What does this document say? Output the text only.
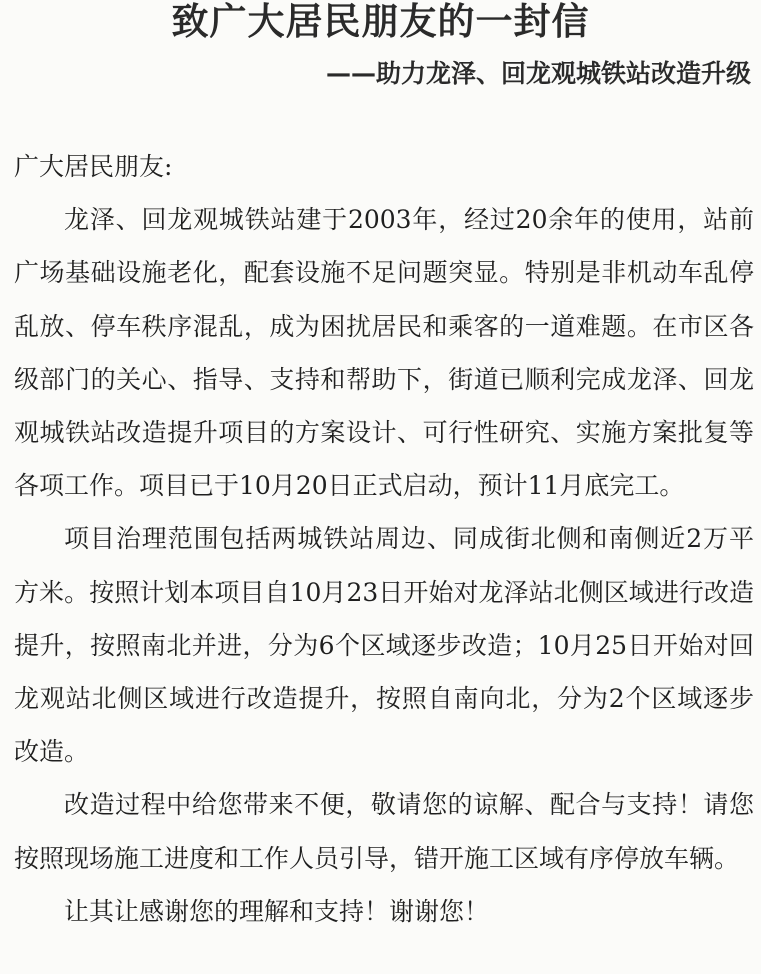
致广大居民朋友的一封信
——助力龙泽、回龙观城铁站改造升级

广大居民朋友:

龙泽、回龙观城铁站建于2003年，经过20余年的使用，站前广场基础设施老化，配套设施不足问题突显。特别是非机动车乱停乱放、停车秩序混乱，成为困扰居民和乘客的一道难题。在市区各级部门的关心、指导、支持和帮助下，街道已顺利完成龙泽、回龙观城铁站改造提升项目的方案设计、可行性研究、实施方案批复等各项工作。项目已于10月20日正式启动，预计11月底完工。

项目治理范围包括两城铁站周边、同成街北侧和南侧近2万平方米。按照计划本项目自10月23日开始对龙泽站北侧区域进行改造提升，按照南北并进，分为6个区域逐步改造；10月25日开始对回龙观站北侧区域进行改造提升，按照自南向北，分为2个区域逐步改造。

改造过程中给您带来不便，敬请您的谅解、配合与支持！请您按照现场施工进度和工作人员引导，错开施工区域有序停放车辆。

让其让感谢您的理解和支持！谢谢您！
